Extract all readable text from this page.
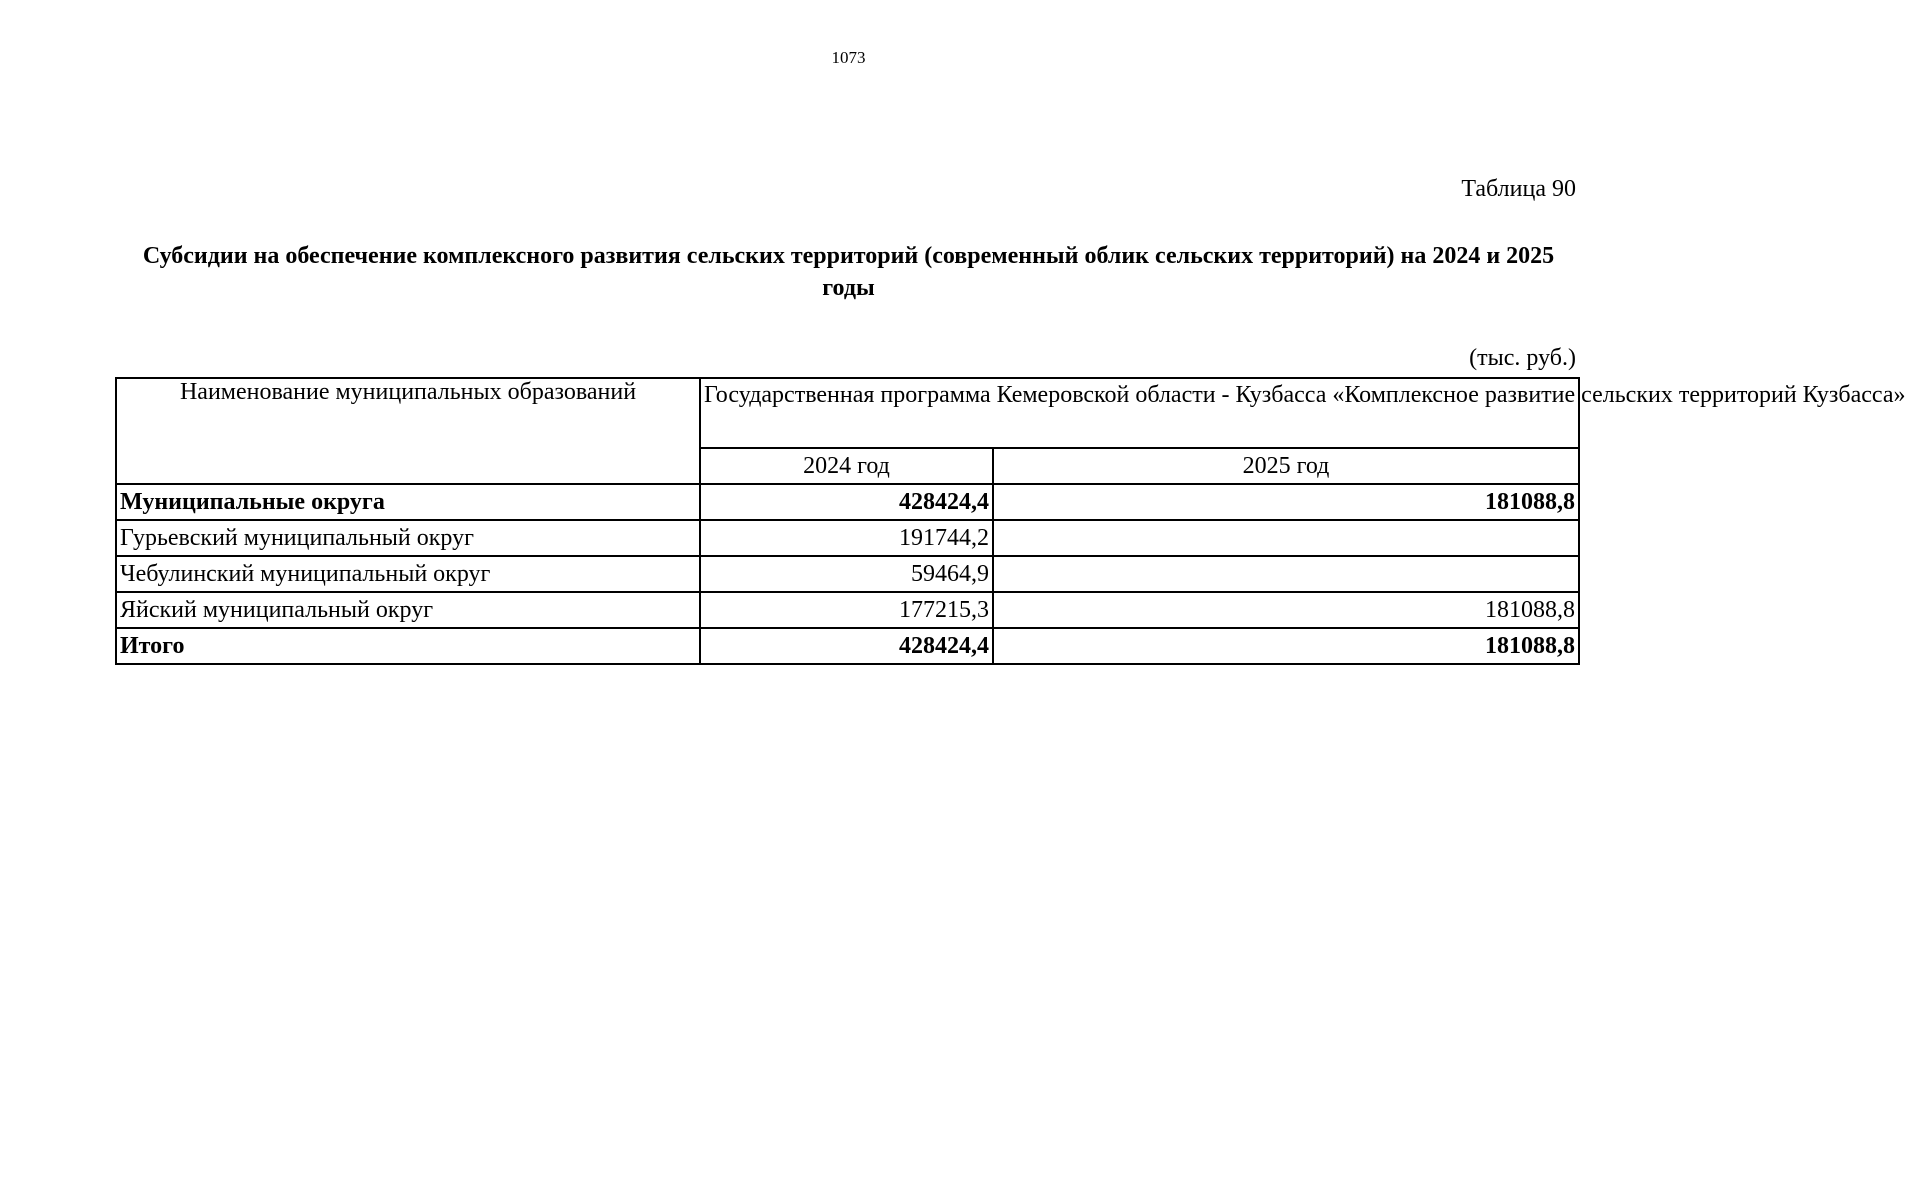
1073
Таблица 90
Субсидии на обеспечение комплексного развития сельских территорий (современный облик сельских территорий) на 2024 и 2025 годы
(тыс. руб.)
Наименование муниципальных образований	Государственная программа Кемеровской области - Кузбасса «Комплексное развитие сельских территорий Кузбасса»	
	2024 год	2025 год
Муниципальные округа	428424,4	181088,8
Гурьевский муниципальный округ	191744,2	
Чебулинский муниципальный округ	59464,9	
Яйский муниципальный округ	177215,3	181088,8
Итого	428424,4	181088,8
